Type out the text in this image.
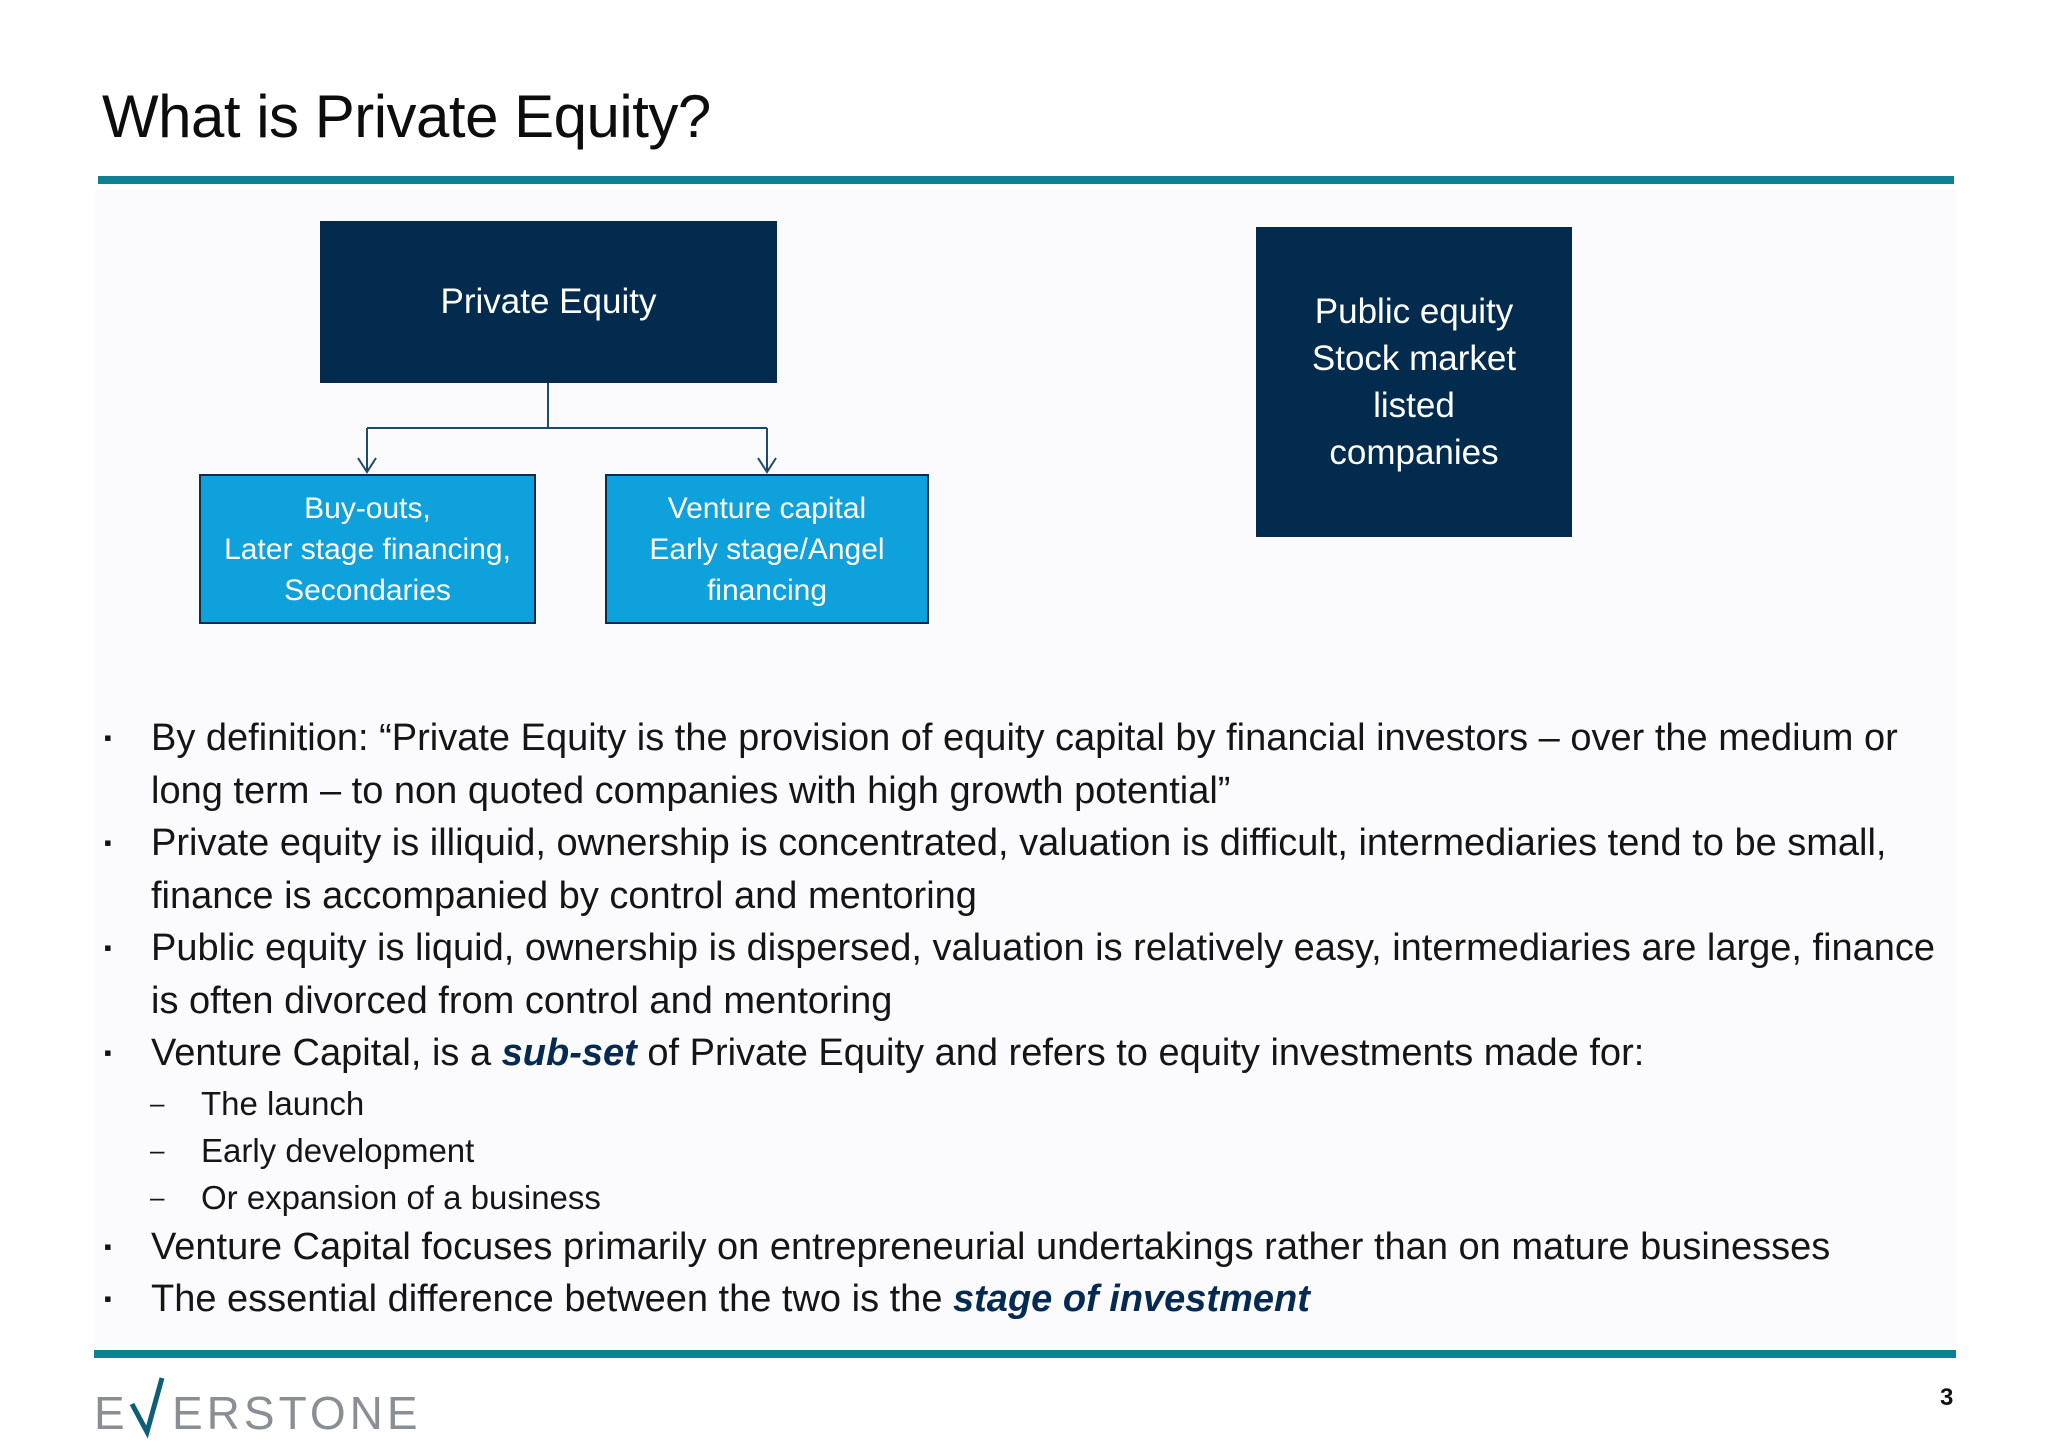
What is Private Equity?
Private Equity
Buy-outs,
Later stage financing,
Secondaries
Venture capital
Early stage/Angel
financing
Public equity
Stock market
listed
companies
▪ By definition: “Private Equity is the provision of equity capital by financial investors – over the medium or long term – to non quoted companies with high growth potential”
▪ Private equity is illiquid, ownership is concentrated, valuation is difficult, intermediaries tend to be small, finance is accompanied by control and mentoring
▪ Public equity is liquid, ownership is dispersed, valuation is relatively easy, intermediaries are large, finance is often divorced from control and mentoring
▪ Venture Capital, is a sub-set of Private Equity and refers to equity investments made for:
– The launch
– Early development
– Or expansion of a business
▪ Venture Capital focuses primarily on entrepreneurial undertakings rather than on mature businesses
▪ The essential difference between the two is the stage of investment
E ERSTONE	3
